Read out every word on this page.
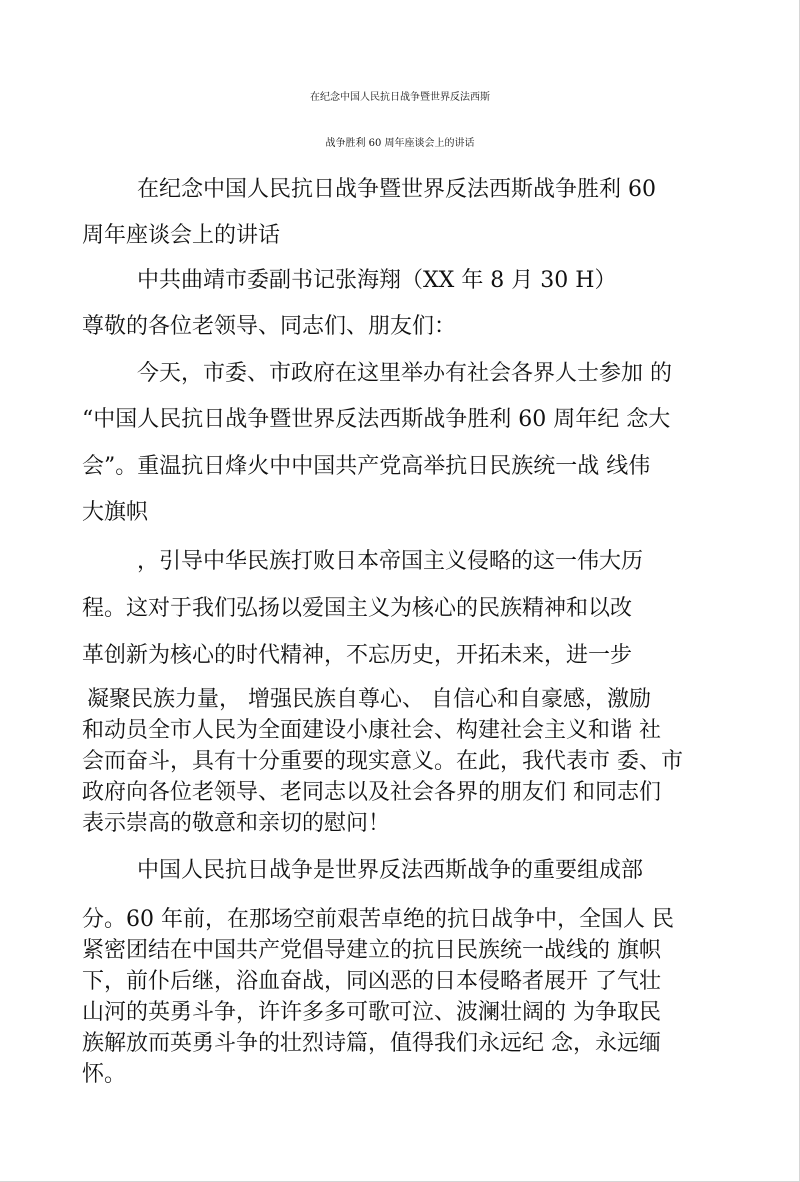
在纪念中国人民抗日战争暨世界反法西斯
战争胜利 60 周年座谈会上的讲话
在纪念中国人民抗日战争暨世界反法西斯战争胜利 60
周年座谈会上的讲话
中共曲靖市委副书记张海翔（XX 年 8 月 30 H）
尊敬的各位老领导、同志们、朋友们：
今天，市委、市政府在这里举办有社会各界人士参加 的
“中国人民抗日战争暨世界反法西斯战争胜利 60 周年纪 念大
会”。重温抗日烽火中中国共产党高举抗日民族统一战 线伟
大旗帜
，引导中华民族打败日本帝国主义侵略的这一伟大历
程。这对于我们弘扬以爱国主义为核心的民族精神和以改
革创新为核心的时代精神，不忘历史，开拓未来，进一步
凝聚民族力量， 增强民族自尊心、 自信心和自豪感，激励
和动员全市人民为全面建设小康社会、构建社会主义和谐 社
会而奋斗，具有十分重要的现实意义。在此，我代表市 委、市
政府向各位老领导、老同志以及社会各界的朋友们 和同志们
表示崇高的敬意和亲切的慰问！
中国人民抗日战争是世界反法西斯战争的重要组成部
分。60 年前，在那场空前艰苦卓绝的抗日战争中，全国人 民
紧密团结在中国共产党倡导建立的抗日民族统一战线的 旗帜
下，前仆后继，浴血奋战，同凶恶的日本侵略者展开 了气壮
山河的英勇斗争，许许多多可歌可泣、波澜壮阔的 为争取民
族解放而英勇斗争的壮烈诗篇，值得我们永远纪 念，永远缅
怀。
